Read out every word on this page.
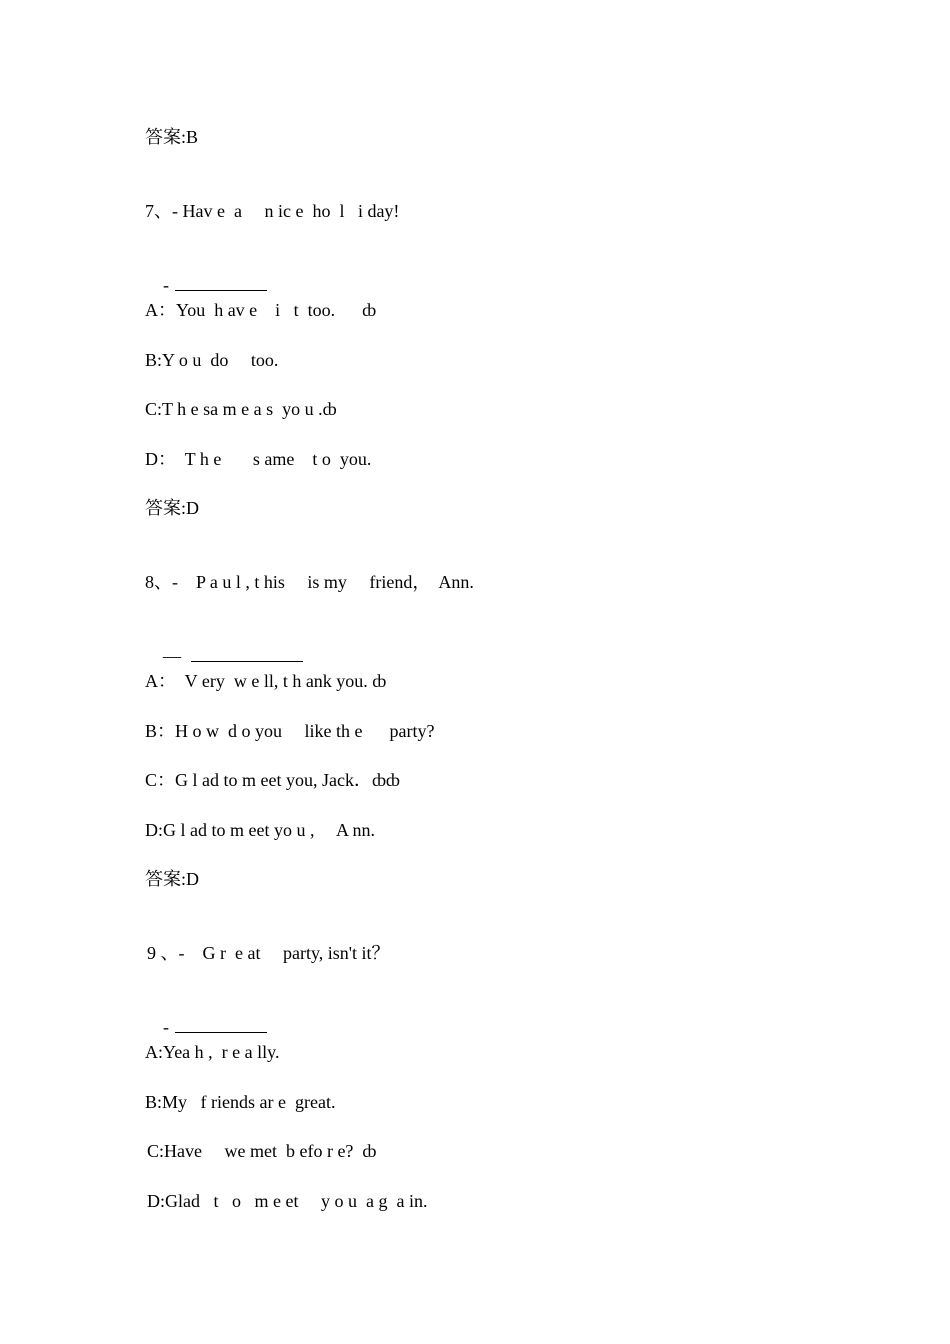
答案:B
7、- Hav e  a     n ic e  ho  l   i day!

-

A：You  h av e    i   t  too.      ȸ
B:Y o u  do     too.
C:T h e sa m e a s  yo u .ȸ
D：  T h e       s ame    t o  you.
答案:D
8、-    P a u l , t his     is my     friend，  Ann.

—

A：  V ery  w e ll, t h ank you. ȸ
B：H o w  d o you     like th e      party?
C：G l ad to m eet you, Jack．ȸȸ
D:G l ad to m eet yo u ,     A nn.
答案:D
9 、-    G r  e at     party, isn't it？

-

A:Yea h ,  r e a lly.
B:My   f riends ar e  great.
C:Have     we met  b efo r e?  ȸ
D:Glad   t   o   m e et     y o u  a g  a in.
